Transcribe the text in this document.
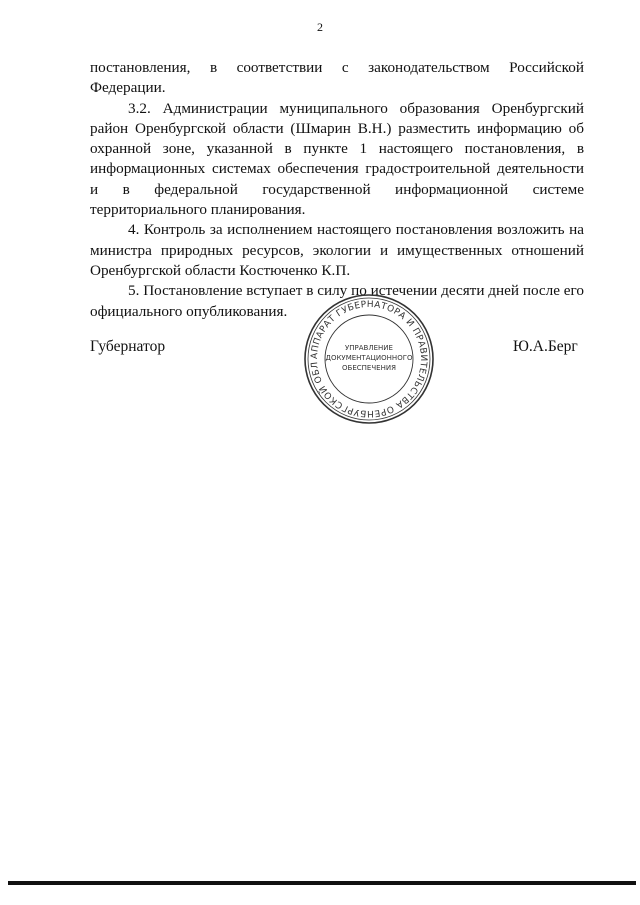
2

постановления, в соответствии с законодательством Российской Федерации.

3.2. Администрации муниципального образования Оренбургский район Оренбургской области (Шмарин В.Н.) разместить информацию об охранной зоне, указанной в пункте 1 настоящего постановления, в информационных системах обеспечения градостроительной деятельности и в федеральной государственной информационной системе территориального планирования.

4. Контроль за исполнением настоящего постановления возложить на министра природных ресурсов, экологии и имущественных отношений Оренбургской области Костюченко К.П.

5. Постановление вступает в силу по истечении десяти дней после его официального опубликования.

Губернатор	Ю.А.Берг
АППАРАТ ГУБЕРНАТОРА И ПРАВИТЕЛЬСТВА ОРЕНБУРГСКОЙ ОБЛ
УПРАВЛЕНИЕ
ДОКУМЕНТАЦИОННОГО
ОБЕСПЕЧЕНИЯ
